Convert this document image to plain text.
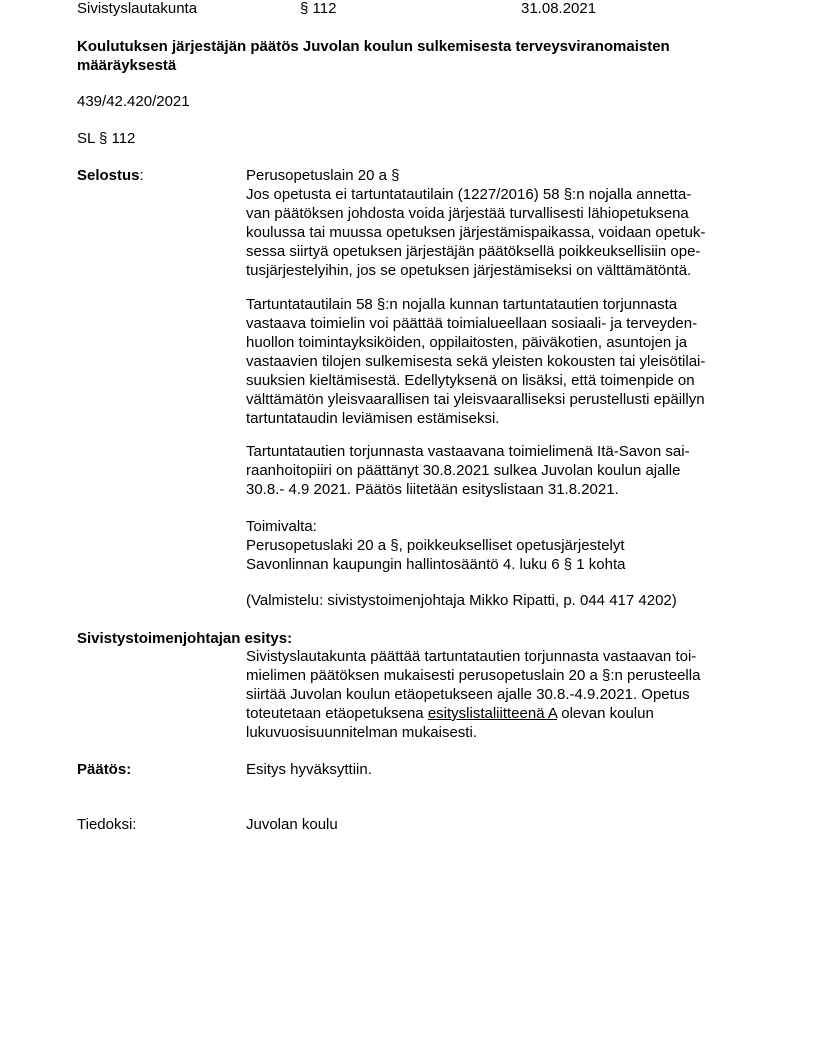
Sivistyslautakunta	§ 112	31.08.2021
Koulutuksen järjestäjän päätös Juvolan koulun sulkemisesta terveysviranomaisten
määräyksestä
439/42.420/2021
SL § 112
Selostus:	Perusopetuslain 20 a §
Jos opetusta ei tartuntatautilain (1227/2016) 58 §:n nojalla annetta-
van päätöksen johdosta voida järjestää turvallisesti lähiopetuksena
koulussa tai muussa opetuksen järjestämispaikassa, voidaan opetuk-
sessa siirtyä opetuksen järjestäjän päätöksellä poikkeuksellisiin ope-
tusjärjestelyihin, jos se opetuksen järjestämiseksi on välttämätöntä.
Tartuntatautilain 58 §:n nojalla kunnan tartuntatautien torjunnasta
vastaava toimielin voi päättää toimialueellaan sosiaali- ja terveyden-
huollon toimintayksiköiden, oppilaitosten, päiväkotien, asuntojen ja
vastaavien tilojen sulkemisesta sekä yleisten kokousten tai yleisötilai-
suuksien kieltämisestä. Edellytyksenä on lisäksi, että toimenpide on
välttämätön yleisvaarallisen tai yleisvaaralliseksi perustellusti epäillyn
tartuntataudin leviämisen estämiseksi.
Tartuntatautien torjunnasta vastaavana toimielimenä Itä-Savon sai-
raanhoitopiiri on päättänyt 30.8.2021 sulkea Juvolan koulun ajalle
30.8.- 4.9 2021. Päätös liitetään esityslistaan 31.8.2021.
Toimivalta:
Perusopetuslaki 20 a §, poikkeukselliset opetusjärjestelyt
Savonlinnan kaupungin hallintosääntö 4. luku 6 § 1 kohta
(Valmistelu: sivistystoimenjohtaja Mikko Ripatti, p. 044 417 4202)
Sivistystoimenjohtajan esitys:
Sivistyslautakunta päättää tartuntatautien torjunnasta vastaavan toi-
mielimen päätöksen mukaisesti perusopetuslain 20 a §:n perusteella
siirtää Juvolan koulun etäopetukseen ajalle 30.8.-4.9.2021. Opetus
toteutetaan etäopetuksena esityslistaliitteenä A olevan koulun
lukuvuosisuunnitelman mukaisesti.
Päätös:	Esitys hyväksyttiin.
Tiedoksi:	Juvolan koulu
